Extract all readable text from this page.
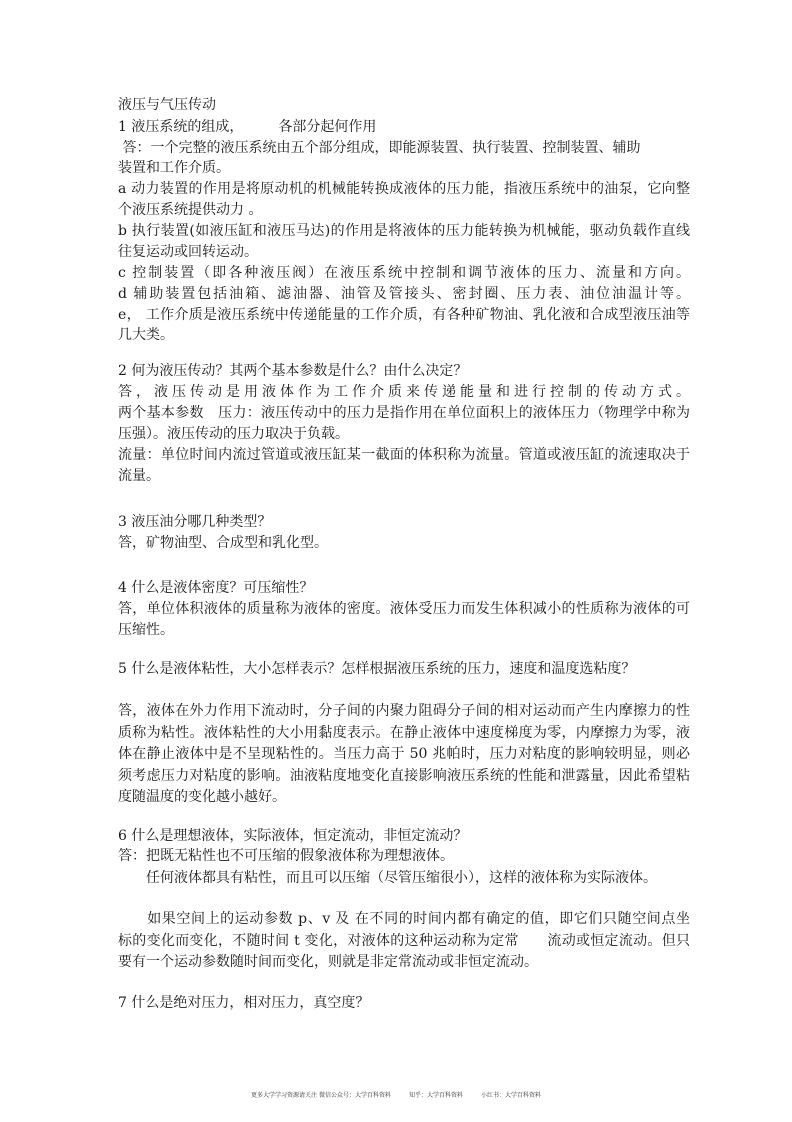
液压与气压传动
1 液压系统的组成，　　　各部分起何作用
答：一个完整的液压系统由五个部分组成，即能源装置、执行装置、控制装置、辅助
装置和工作介质。
a 动力装置的作用是将原动机的机械能转换成液体的压力能，指液压系统中的油泵，它向整
个液压系统提供动力 。
b 执行装置(如液压缸和液压马达)的作用是将液体的压力能转换为机械能，驱动负载作直线
往复运动或回转运动。
c 控制装置（即各种液压阀）在液压系统中控制和调节液体的压力、流量和方向。
d 辅助装置包括油箱、滤油器、油管及管接头、密封圈、压力表、油位油温计等。
e， 工作介质是液压系统中传递能量的工作介质，有各种矿物油、乳化液和合成型液压油等
几大类。
2 何为液压传动？其两个基本参数是什么？由什么决定？
答，液压传动是用液体作为工作介质来传递能量和进行控制的传动方式。
两个基本参数　压力：液压传动中的压力是指作用在单位面积上的液体压力（物理学中称为
压强）。液压传动的压力取决于负载。
流量：单位时间内流过管道或液压缸某一截面的体积称为流量。管道或液压缸的流速取决于
流量。
3 液压油分哪几种类型？
答，矿物油型、合成型和乳化型。
4 什么是液体密度？可压缩性？
答，单位体积液体的质量称为液体的密度。液体受压力而发生体积减小的性质称为液体的可
压缩性。
5 什么是液体粘性，大小怎样表示？怎样根据液压系统的压力，速度和温度选粘度？
答，液体在外力作用下流动时，分子间的内聚力阻碍分子间的相对运动而产生内摩擦力的性
质称为粘性。液体粘性的大小用黏度表示。在静止液体中速度梯度为零，内摩擦力为零，液
体在静止液体中是不呈现粘性的。当压力高于 50 兆帕时，压力对粘度的影响较明显，则必
须考虑压力对粘度的影响。油液粘度地变化直接影响液压系统的性能和泄露量，因此希望粘
度随温度的变化越小越好。
6 什么是理想液体，实际液体，恒定流动，非恒定流动？
答：把既无粘性也不可压缩的假象液体称为理想液体。
　　任何液体都具有粘性，而且可以压缩（尽管压缩很小），这样的液体称为实际液体。
　　如果空间上的运动参数 p、v 及 在不同的时间内都有确定的值，即它们只随空间点坐
标的变化而变化，不随时间 t 变化，对液体的这种运动称为定常　　流动或恒定流动。但只
要有一个运动参数随时间而变化，则就是非定常流动或非恒定流动。
7 什么是绝对压力，相对压力，真空度？
更多大学学习资源请关注 微信公众号：大学百科资料　　　知乎：大学百科资料　　　小红书：大学百科资料
